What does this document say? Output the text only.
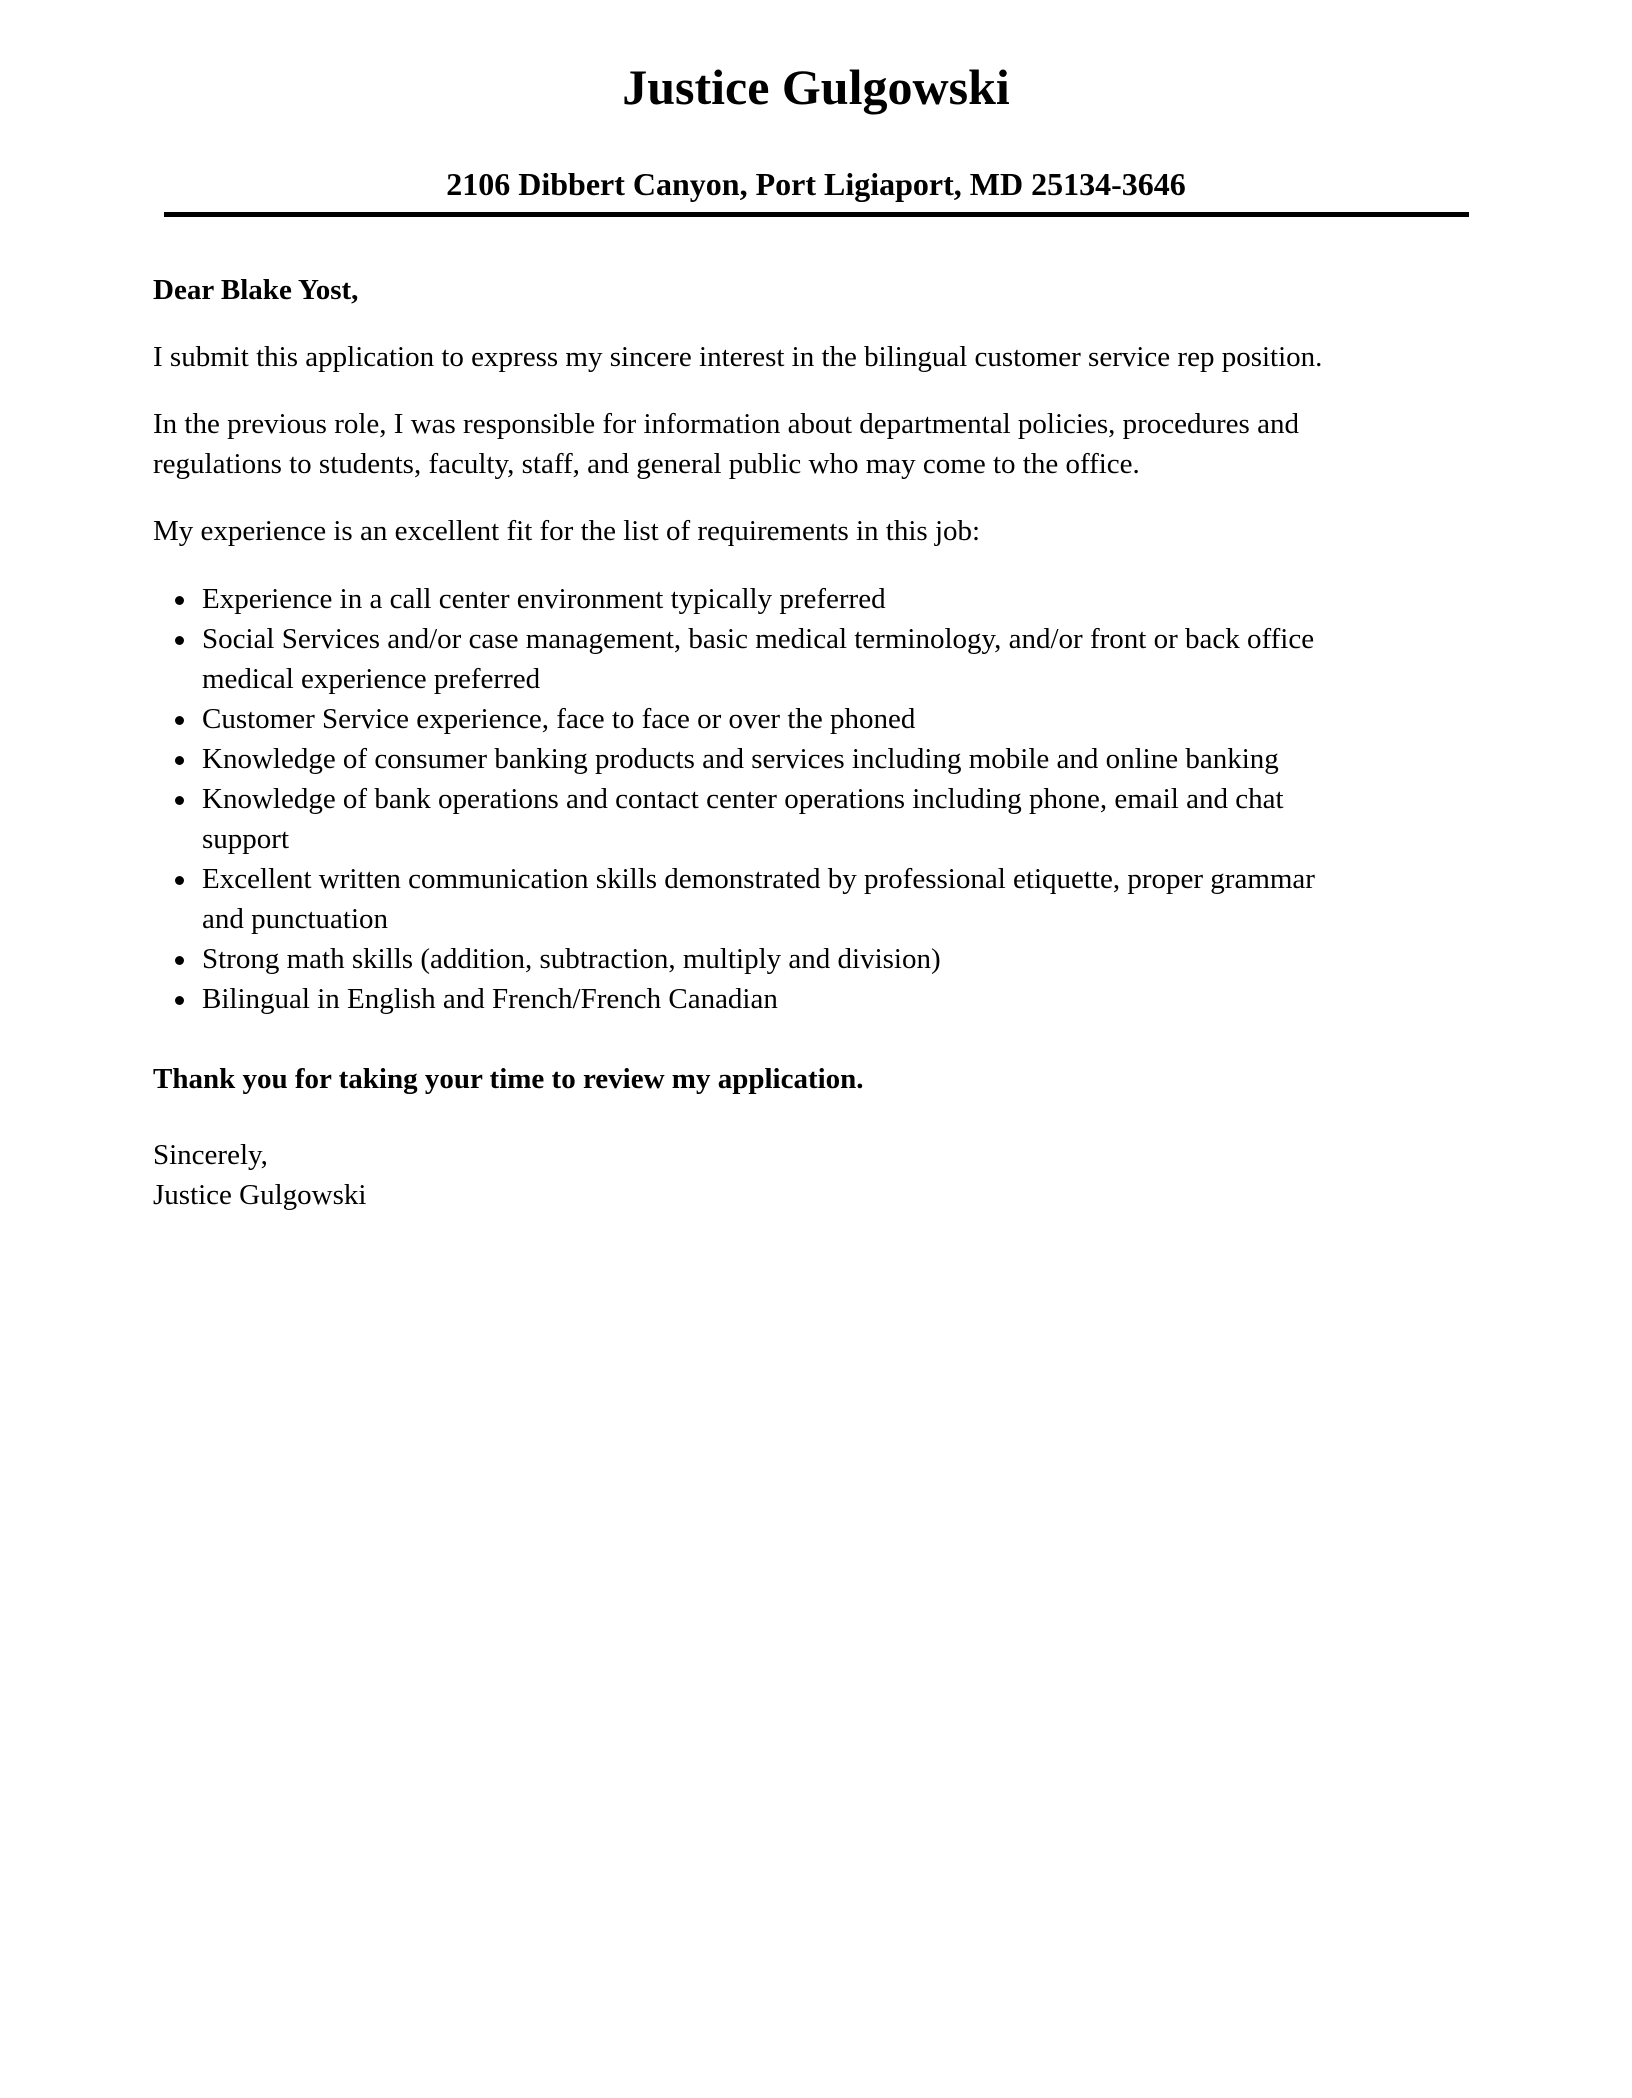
Justice Gulgowski
2106 Dibbert Canyon, Port Ligiaport, MD 25134-3646
Dear Blake Yost,
I submit this application to express my sincere interest in the bilingual customer service rep position.
In the previous role, I was responsible for information about departmental policies, procedures and
regulations to students, faculty, staff, and general public who may come to the office.
My experience is an excellent fit for the list of requirements in this job:
Experience in a call center environment typically preferred
Social Services and/or case management, basic medical terminology, and/or front or back office
medical experience preferred
Customer Service experience, face to face or over the phoned
Knowledge of consumer banking products and services including mobile and online banking
Knowledge of bank operations and contact center operations including phone, email and chat
support
Excellent written communication skills demonstrated by professional etiquette, proper grammar
and punctuation
Strong math skills (addition, subtraction, multiply and division)
Bilingual in English and French/French Canadian
Thank you for taking your time to review my application.
Sincerely,
Justice Gulgowski
